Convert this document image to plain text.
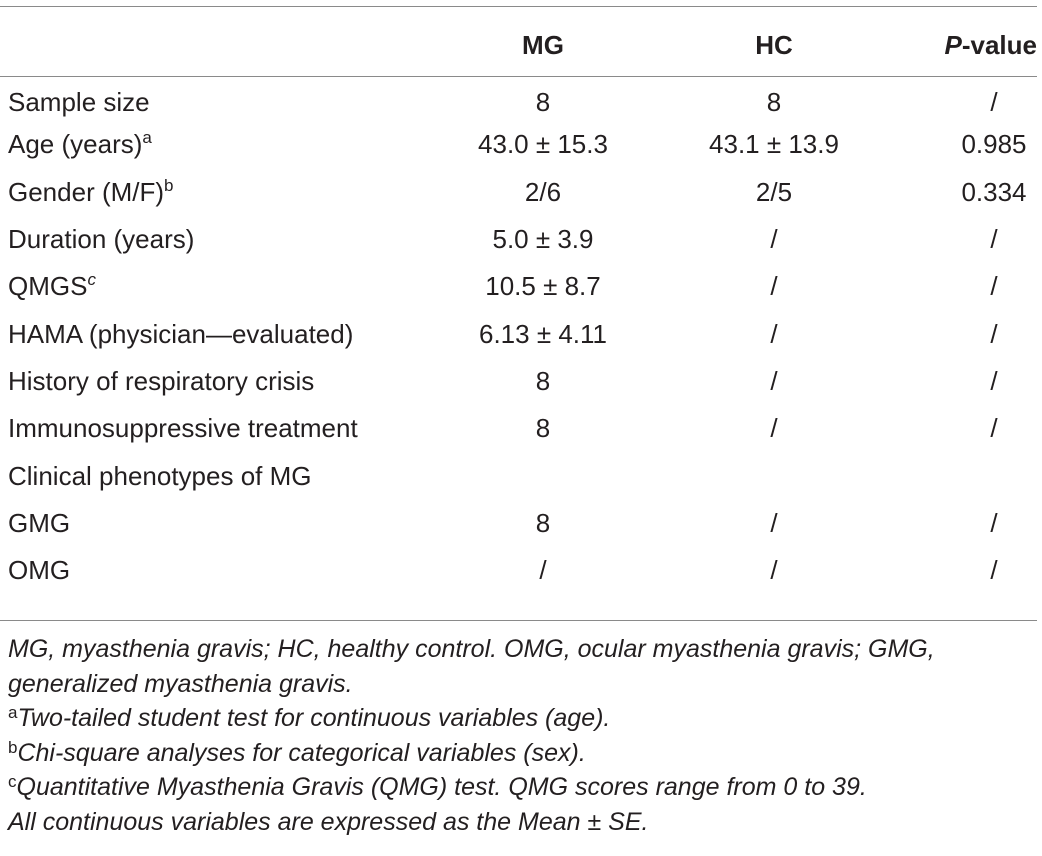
	MG	HC	P-value
Sample size	8	8	/
Age (years)$^a$	43.0 ± 15.3	43.1 ± 13.9	0.985
Gender $(M/F)^b$	2/6	2/5	0.334
Duration (years)	5.0 ± 3.9	/	/
QMGS$^c$	10.5 ± 8.7	/	/
HAMA (physician—evaluated)	6.13 ± 4.11	/	/
History of respiratory crisis	8	/	/
Immunosuppressive treatment	8	/	/
Clinical phenotypes of MG			
GMG	8	/	/
OMG	/	/	/

MG, myasthenia gravis; HC, healthy control. OMG, ocular myasthenia gravis; GMG,

generalized myasthenia gravis.

$^a$Two-tailed student test for continuous variables (age).

$^b$Chi-square analyses for categorical variables (sex).

$^c$Quantitative Myasthenia Gravis (QMG) test. QMG scores range from 0 to 39.

All continuous variables are expressed as the Mean ± SE.
